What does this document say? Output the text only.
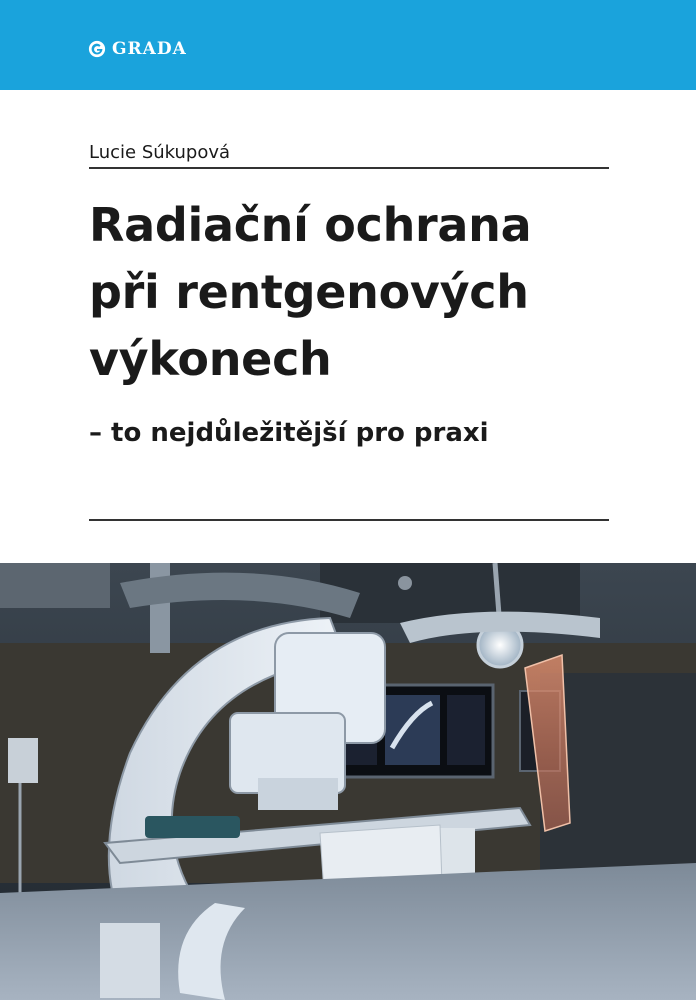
GRADA
Lucie Súkupová
Radiační ochrana
při rentgenových
výkonech
– to nejdůležitější pro praxi
